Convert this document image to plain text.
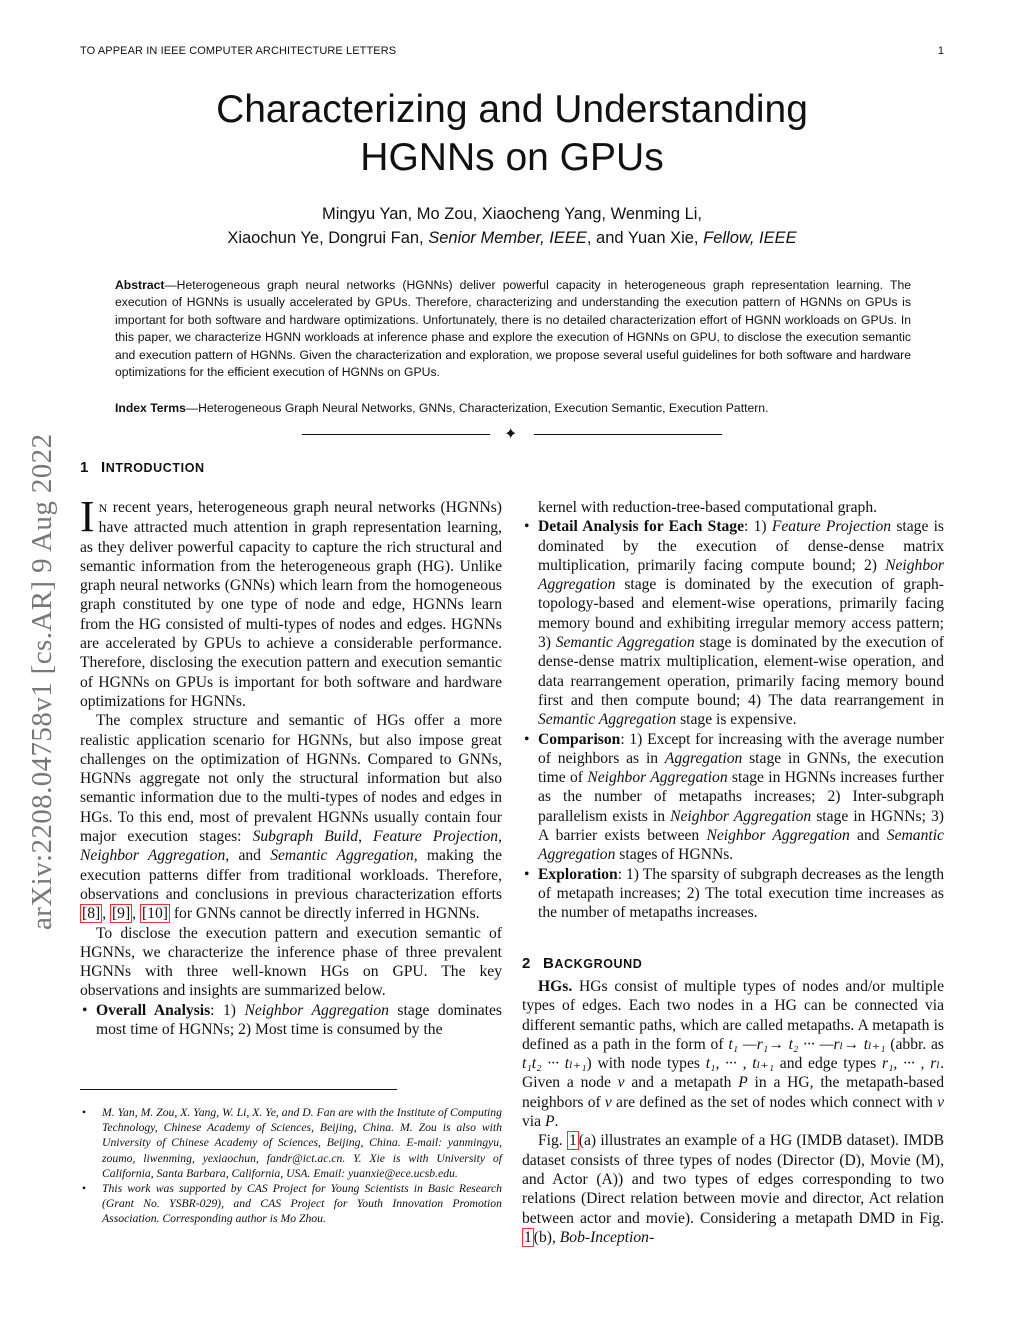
TO APPEAR IN IEEE COMPUTER ARCHITECTURE LETTERS	1
arXiv:2208.04758v1 [cs.AR] 9 Aug 2022
Characterizing and Understanding
HGNNs on GPUs
Mingyu Yan, Mo Zou, Xiaocheng Yang, Wenming Li,
Xiaochun Ye, Dongrui Fan, Senior Member, IEEE, and Yuan Xie, Fellow, IEEE
Abstract—Heterogeneous graph neural networks (HGNNs) deliver powerful capacity in heterogeneous graph representation learning. The execution of HGNNs is usually accelerated by GPUs. Therefore, characterizing and understanding the execution pattern of HGNNs on GPUs is important for both software and hardware optimizations. Unfortunately, there is no detailed characterization effort of HGNN workloads on GPUs. In this paper, we characterize HGNN workloads at inference phase and explore the execution of HGNNs on GPU, to disclose the execution semantic and execution pattern of HGNNs. Given the characterization and exploration, we propose several useful guidelines for both software and hardware optimizations for the efficient execution of HGNNs on GPUs.
Index Terms—Heterogeneous Graph Neural Networks, GNNs, Characterization, Execution Semantic, Execution Pattern.
✦
1 INTRODUCTION

I N recent years, heterogeneous graph neural networks (HGNNs) have attracted much attention in graph representation learning, as they deliver powerful capacity to capture the rich structural and semantic information from the heterogeneous graph (HG). Unlike graph neural networks (GNNs) which learn from the homogeneous graph constituted by one type of node and edge, HGNNs learn from the HG consisted of multi-types of nodes and edges. HGNNs are accelerated by GPUs to achieve a considerable performance. Therefore, disclosing the execution pattern and execution semantic of HGNNs on GPUs is important for both software and hardware optimizations for HGNNs.

The complex structure and semantic of HGs offer a more realistic application scenario for HGNNs, but also impose great challenges on the optimization of HGNNs. Compared to GNNs, HGNNs aggregate not only the structural information but also semantic information due to the multi-types of nodes and edges in HGs. To this end, most of prevalent HGNNs usually contain four major execution stages: Subgraph Build, Feature Projection, Neighbor Aggregation, and Semantic Aggregation, making the execution patterns differ from traditional workloads. Therefore, observations and conclusions in previous characterization efforts [8] , [9] , [10] for GNNs cannot be directly inferred in HGNNs.

To disclose the execution pattern and execution semantic of HGNNs, we characterize the inference phase of three prevalent HGNNs with three well-known HGs on GPU. The key observations and insights are summarized below.

• Overall Analysis: 1) Neighbor Aggregation stage dominates most time of HGNNs; 2) Most time is consumed by the
• M. Yan, M. Zou, X. Yang, W. Li, X. Ye, and D. Fan are with the Institute of Computing Technology, Chinese Academy of Sciences, Beijing, China. M. Zou is also with University of Chinese Academy of Sciences, Beijing, China. E-mail: yanmingyu, zoumo, liwenming, yexiaochun, fandr@ict.ac.cn. Y. Xie is with University of California, Santa Barbara, California, USA. Email: yuanxie@ece.ucsb.edu.
• This work was supported by CAS Project for Young Scientists in Basic Research (Grant No. YSBR-029), and CAS Project for Youth Innovation Promotion Association. Corresponding author is Mo Zhou.

kernel with reduction-tree-based computational graph.

• Detail Analysis for Each Stage: 1) Feature Projection stage is dominated by the execution of dense-dense matrix multiplication, primarily facing compute bound; 2) Neighbor Aggregation stage is dominated by the execution of graph-topology-based and element-wise operations, primarily facing memory bound and exhibiting irregular memory access pattern; 3) Semantic Aggregation stage is dominated by the execution of dense-dense matrix multiplication, element-wise operation, and data rearrangement operation, primarily facing memory bound first and then compute bound; 4) The data rearrangement in Semantic Aggregation stage is expensive.
• Comparison: 1) Except for increasing with the average number of neighbors as in Aggregation stage in GNNs, the execution time of Neighbor Aggregation stage in HGNNs increases further as the number of metapaths increases; 2) Inter-subgraph parallelism exists in Neighbor Aggregation stage in HGNNs; 3) A barrier exists between Neighbor Aggregation and Semantic Aggregation stages of HGNNs.
• Exploration: 1) The sparsity of subgraph decreases as the length of metapath increases; 2) The total execution time increases as the number of metapaths increases.
2 BACKGROUND

HGs. HGs consist of multiple types of nodes and/or multiple types of edges. Each two nodes in a HG can be connected via different semantic paths, which are called metapaths. A metapath is defined as a path in the form of t₁ —r₁→ t₂ ··· —rₗ→ tₗ₊₁ (abbr. as t₁t₂ ··· tₗ₊₁) with node types t₁, ··· , tₗ₊₁ and edge types r₁, ··· , rₗ. Given a node v and a metapath P in a HG, the metapath-based neighbors of v are defined as the set of nodes which connect with v via P.

Fig. 1 (a) illustrates an example of a HG (IMDB dataset). IMDB dataset consists of three types of nodes (Director (D), Movie (M), and Actor (A)) and two types of edges corresponding to two relations (Direct relation between movie and director, Act relation between actor and movie). Considering a metapath DMD in Fig. 1 (b), Bob-Inception-
